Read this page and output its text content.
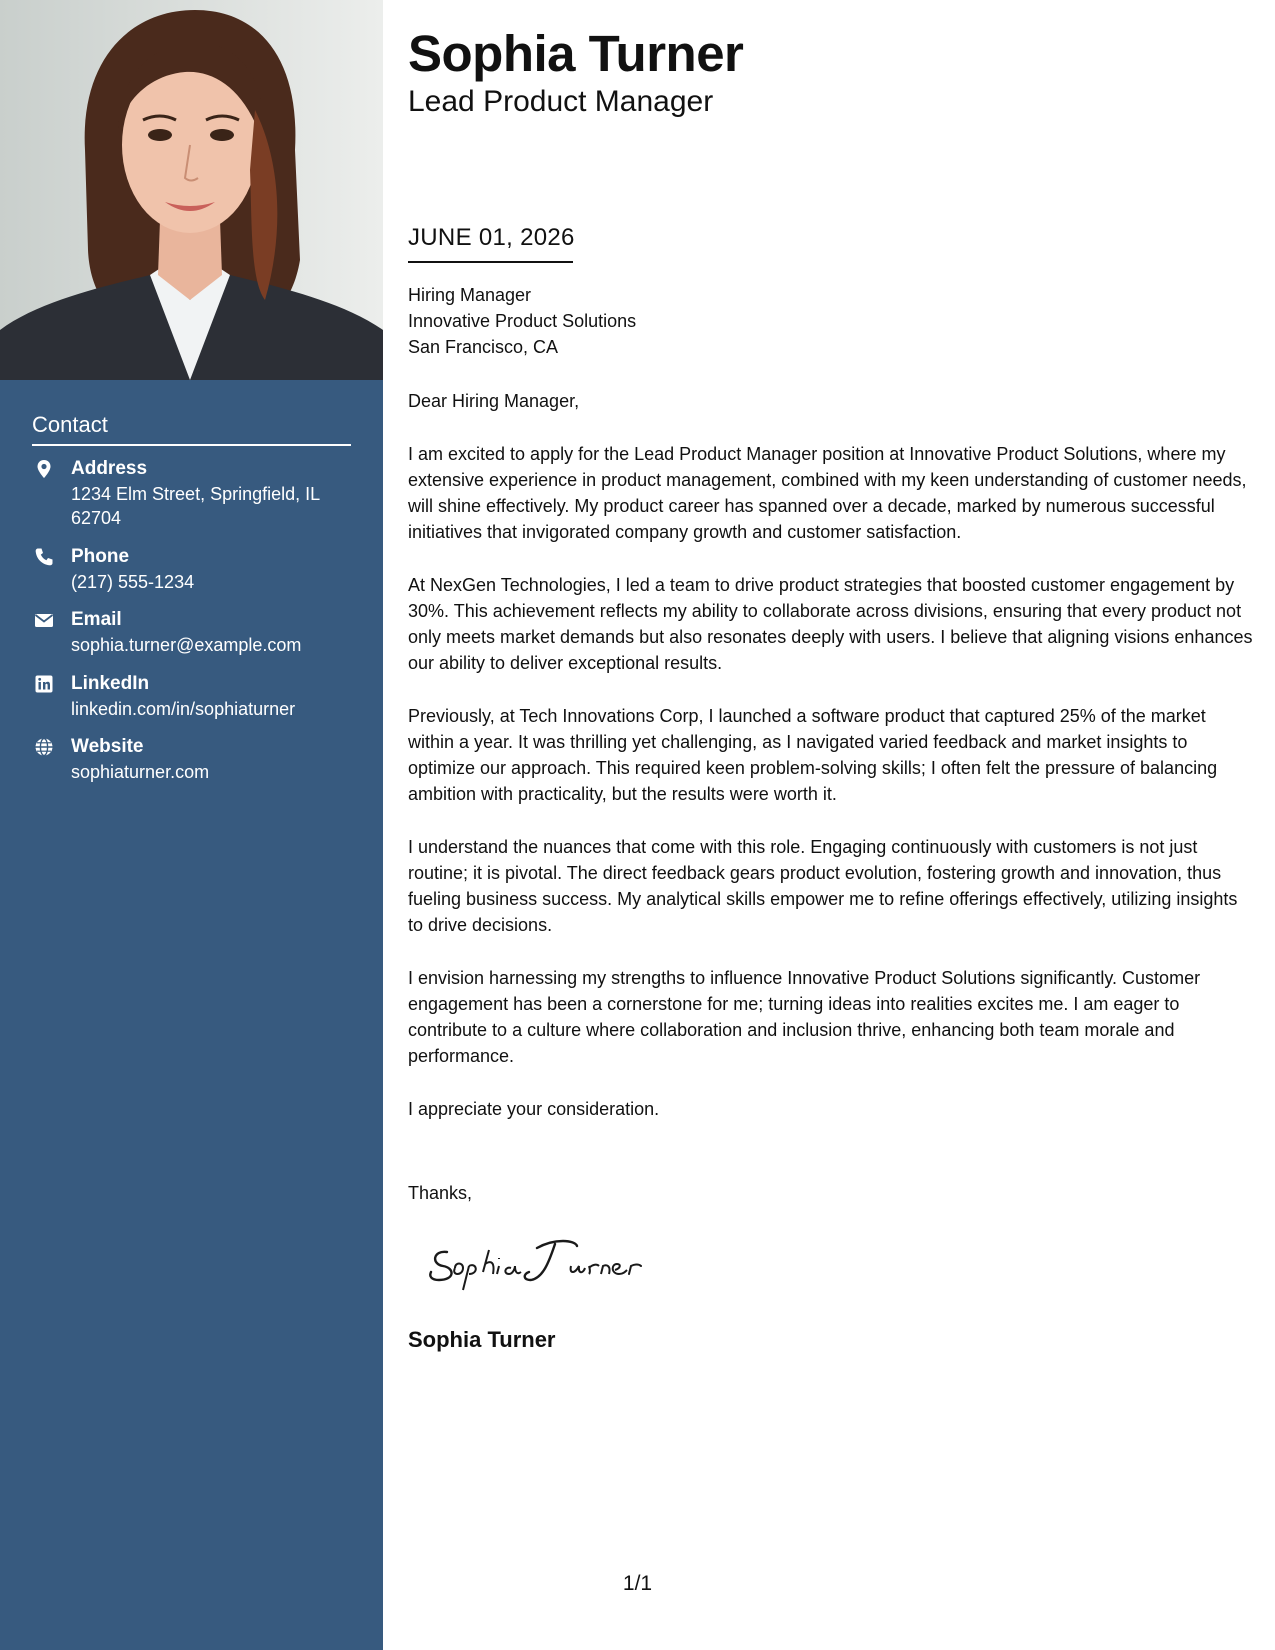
Contact
Address
1234 Elm Street, Springfield, IL 62704
Phone
(217) 555-1234
Email
sophia.turner@example.com
LinkedIn
linkedin.com/in/sophiaturner
Website
sophiaturner.com
Sophia Turner
Lead Product Manager
JUNE 01, 2026
Hiring Manager
Innovative Product Solutions
San Francisco, CA
Dear Hiring Manager,

I am excited to apply for the Lead Product Manager position at Innovative Product Solutions, where my extensive experience in product management, combined with my keen understanding of customer needs, will shine effectively. My product career has spanned over a decade, marked by numerous successful initiatives that invigorated company growth and customer satisfaction.

At NexGen Technologies, I led a team to drive product strategies that boosted customer engagement by 30%. This achievement reflects my ability to collaborate across divisions, ensuring that every product not only meets market demands but also resonates deeply with users. I believe that aligning visions enhances our ability to deliver exceptional results.

Previously, at Tech Innovations Corp, I launched a software product that captured 25% of the market within a year. It was thrilling yet challenging, as I navigated varied feedback and market insights to optimize our approach. This required keen problem-solving skills; I often felt the pressure of balancing ambition with practicality, but the results were worth it.

I understand the nuances that come with this role. Engaging continuously with customers is not just routine; it is pivotal. The direct feedback gears product evolution, fostering growth and innovation, thus fueling business success. My analytical skills empower me to refine offerings effectively, utilizing insights to drive decisions.

I envision harnessing my strengths to influence Innovative Product Solutions significantly. Customer engagement has been a cornerstone for me; turning ideas into realities excites me. I am eager to contribute to a culture where collaboration and inclusion thrive, enhancing both team morale and performance.

I appreciate your consideration.

Thanks,
Sophia Turner
1/1
